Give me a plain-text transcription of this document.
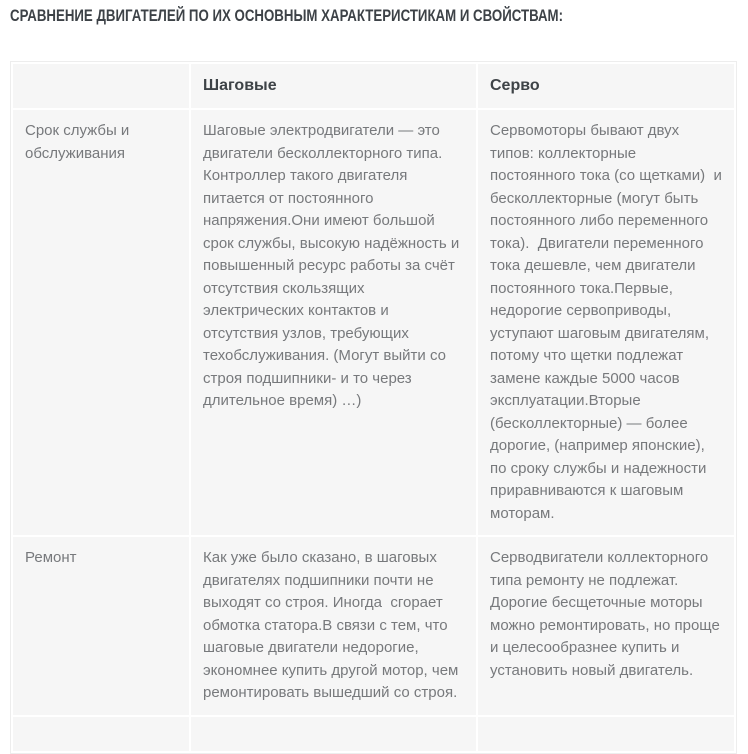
СРАВНЕНИЕ ДВИГАТЕЛЕЙ ПО ИХ ОСНОВНЫМ ХАРАКТЕРИСТИКАМ И СВОЙСТВАМ:
	Шаговые	Серво
Срок службы и обслуживания	Шаговые электродвигатели — это двигатели бесколлекторного типа. Контроллер такого двигателя питается от постоянного напряжения.Они имеют большой срок службы, высокую надёжность и повышенный ресурс работы за счёт отсутствия скользящих электрических контактов и отсутствия узлов, требующих техобслуживания. (Могут выйти со строя подшипники- и то через длительное время) …)	Сервомоторы бывают двух типов: коллекторные постоянного тока (со щетками)  и  бесколлекторные (могут быть постоянного либо переменного тока).  Двигатели переменного тока дешевле, чем двигатели постоянного тока.Первые, недорогие сервоприводы, уступают шаговым двигателям, потому что щетки подлежат замене каждые 5000 часов эксплуатации.Вторые (бесколлекторные) — более дорогие, (например японские), по сроку службы и надежности приравниваются к шаговым моторам.
Ремонт	Как уже было сказано, в шаговых двигателях подшипники почти не выходят со строя. Иногда  сгорает обмотка статора.В связи с тем, что шаговые двигатели недорогие, экономнее купить другой мотор, чем ремонтировать вышедший со строя.	Серводвигатели коллекторного типа ремонту не подлежат.  Дорогие бесщеточные моторы можно ремонтировать, но проще и целесообразнее купить и установить новый двигатель.
